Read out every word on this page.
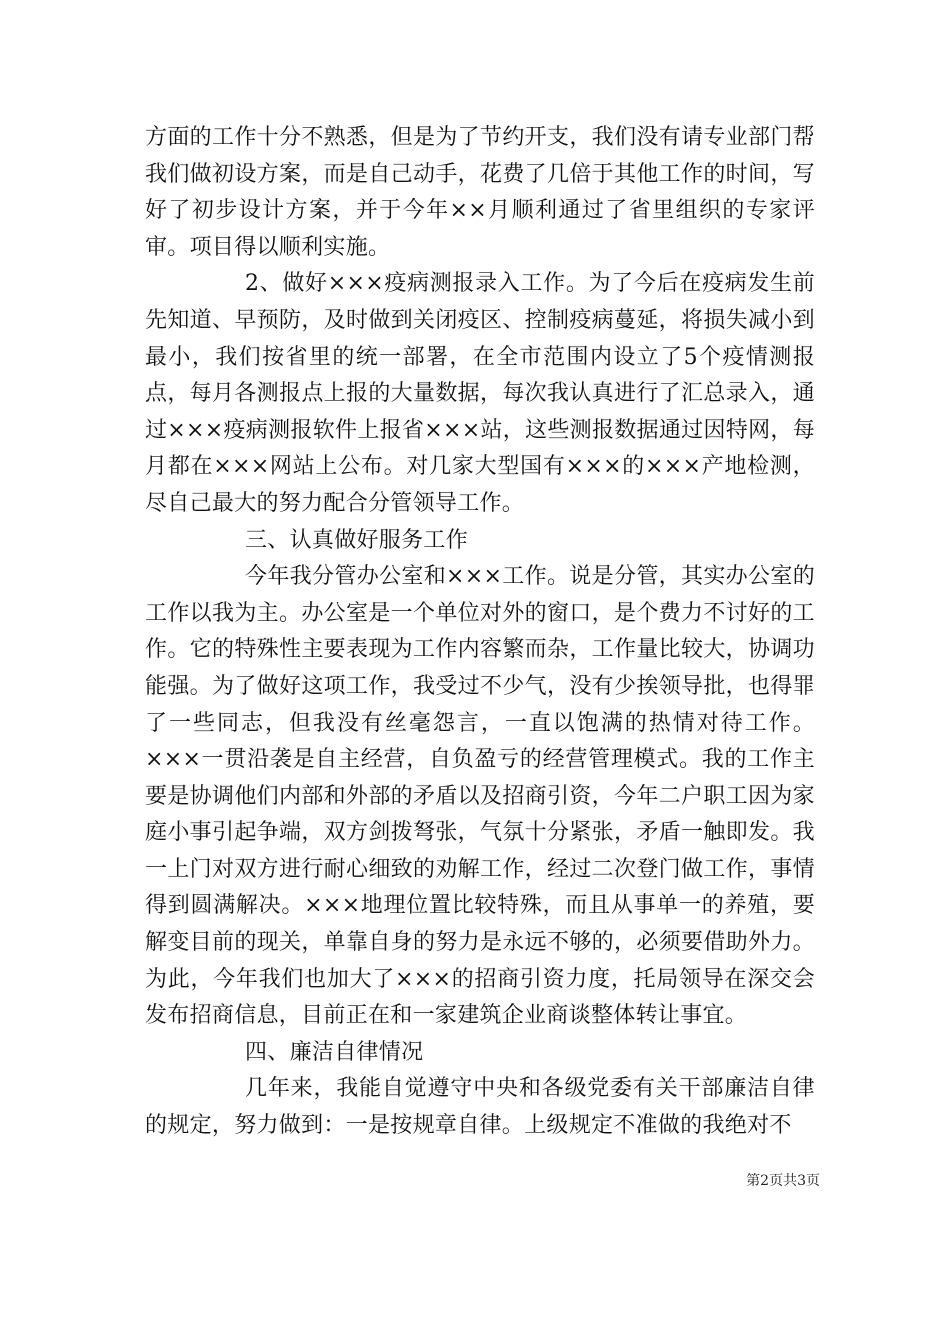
方面的工作十分不熟悉，但是为了节约开支，我们没有请专业部门帮我们做初设方案，而是自己动手，花费了几倍于其他工作的时间，写好了初步设计方案，并于今年××月顺利通过了省里组织的专家评审。项目得以顺利实施。

2、做好×××疫病测报录入工作。为了今后在疫病发生前先知道、早预防，及时做到关闭疫区、控制疫病蔓延，将损失减小到最小，我们按省里的统一部署，在全市范围内设立了5个疫情测报点，每月各测报点上报的大量数据，每次我认真进行了汇总录入，通过×××疫病测报软件上报省×××站，这些测报数据通过因特网，每月都在×××网站上公布。对几家大型国有×××的×××产地检测，尽自己最大的努力配合分管领导工作。

三、认真做好服务工作

今年我分管办公室和×××工作。说是分管，其实办公室的工作以我为主。办公室是一个单位对外的窗口，是个费力不讨好的工作。它的特殊性主要表现为工作内容繁而杂，工作量比较大，协调功能强。为了做好这项工作，我受过不少气，没有少挨领导批，也得罪了一些同志，但我没有丝毫怨言，一直以饱满的热情对待工作。×××一贯沿袭是自主经营，自负盈亏的经营管理模式。我的工作主要是协调他们内部和外部的矛盾以及招商引资，今年二户职工因为家庭小事引起争端，双方剑拨弩张，气氛十分紧张，矛盾一触即发。我一上门对双方进行耐心细致的劝解工作，经过二次登门做工作，事情得到圆满解决。×××地理位置比较特殊，而且从事单一的养殖，要解变目前的现关，单靠自身的努力是永远不够的，必须要借助外力。为此，今年我们也加大了×××的招商引资力度，托局领导在深交会发布招商信息，目前正在和一家建筑企业商谈整体转让事宜。

四、廉洁自律情况

几年来，我能自觉遵守中央和各级党委有关干部廉洁自律的规定，努力做到：一是按规章自律。上级规定不准做的我绝对不

第2页共3页
